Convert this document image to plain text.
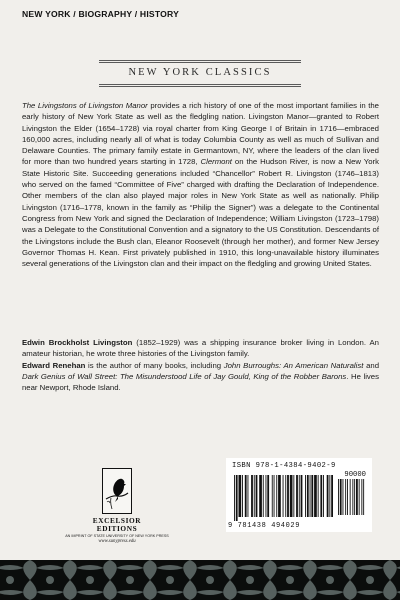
NEW YORK / BIOGRAPHY / HISTORY
NEW YORK CLASSICS

The Livingstons of Livingston Manor provides a rich history of one of the most important families in the early history of New York State as well as the fledgling nation. Livingston Manor—granted to Robert Livingston the Elder (1654–1728) via royal charter from King George I of Britain in 1716—embraced 160,000 acres, including nearly all of what is today Columbia County as well as much of Sullivan and Delaware Counties. The primary family estate in Germantown, NY, where the leaders of the clan lived for more than two hundred years starting in 1728, Clermont on the Hudson River, is now a New York State Historic Site. Succeeding generations included “Chancellor” Robert R. Livingston (1746–1813) who served on the famed “Committee of Five” charged with drafting the Declaration of Independence. Other members of the clan also played major roles in New York State as well as nationally. Philip Livingston (1716–1778, known in the family as “Philip the Signer”) was a delegate to the Continental Congress from New York and signed the Declaration of Independence; William Livingston (1723–1798) was a Delegate to the Constitutional Convention and a signatory to the US Constitution. Descendants of the Livingstons include the Bush clan, Eleanor Roosevelt (through her mother), and former New Jersey Governor Thomas H. Kean. First privately published in 1910, this long-unavailable history illuminates several generations of the Livingston clan and their impact on the fledgling and growing United States.

Edwin Brockholst Livingston (1852–1929) was a shipping insurance broker living in London. An amateur historian, he wrote three histories of the Livingston family.
Edward Renehan is the author of many books, including John Burroughs: An American Naturalist and Dark Genius of Wall Street: The Misunderstood Life of Jay Gould, King of the Robber Barons. He lives near Newport, Rhode Island.

EXCELSIOR
EDITIONS
AN IMPRINT OF STATE UNIVERSITY OF NEW YORK PRESS
www.sunypress.edu
ISBN 978-1-4384-9402-9
90000
9 781438 494029
